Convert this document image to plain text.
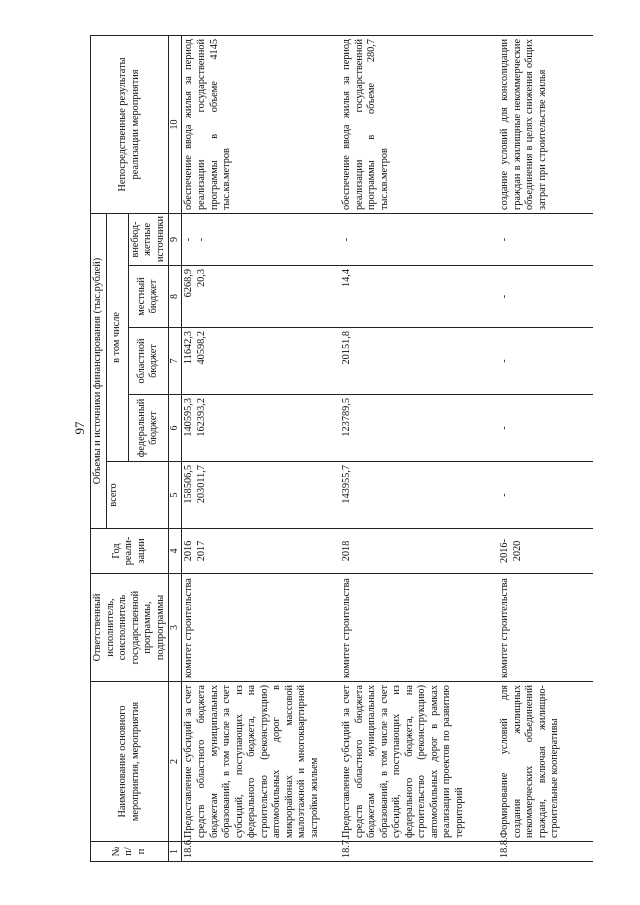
97
№ п/п	Наименование основного мероприятия, мероприятия	Ответственный исполнитель, соисполнитель государственной программы, подпрограммы	Год реали- зации	Объемы и источники финансирования (тыс.рублей)					Непосредственные результаты реализации мероприятия
				всего	в том числе				
					федеральный бюджет	областной бюджет	местный бюджет	внебюд- жетные источники	
1	2	3	4	5	6	7	8	9	10
18.6.	Предоставление субсидий за счет средств областного бюджета бюджетам муниципальных образований, в том числе за счет субсидий, поступающих из федерального бюджета, на строительство (реконструкцию) автомобильных дорог в микрорайонах массовой малоэтажной и многоквартирной застройки жильем	комитет строительства	2016 2017	158506,5 203011,7	140595,3 162393,2	11642,3 40598,2	6268,9 20,3	- -	обеспечение ввода жилья за период реализации государственной программы в объеме 4145 тыс.кв.метров
18.7.	Предоставление субсидий за счет средств областного бюджета бюджетам муниципальных образований, в том числе за счет субсидий, поступающих из федерального бюджета, на строительство (реконструкцию) автомобильных дорог в рамках реализации проектов по развитию территорий	комитет строительства	2018	143955,7	123789,5	20151,8	14,4	-	обеспечение ввода жилья за период реализации государственной программы в объеме 280,7 тыс.кв.метров
18.8.	Формирование условий для создания жилищных некоммерческих объединений граждан, включая жилищно-строительные кооперативы	комитет строительства	2016-2020	-	-	-	-	-	создание условий для консолидации граждан в жилищные некоммерческие объединения в целях снижения общих затрат при строительстве жилья
